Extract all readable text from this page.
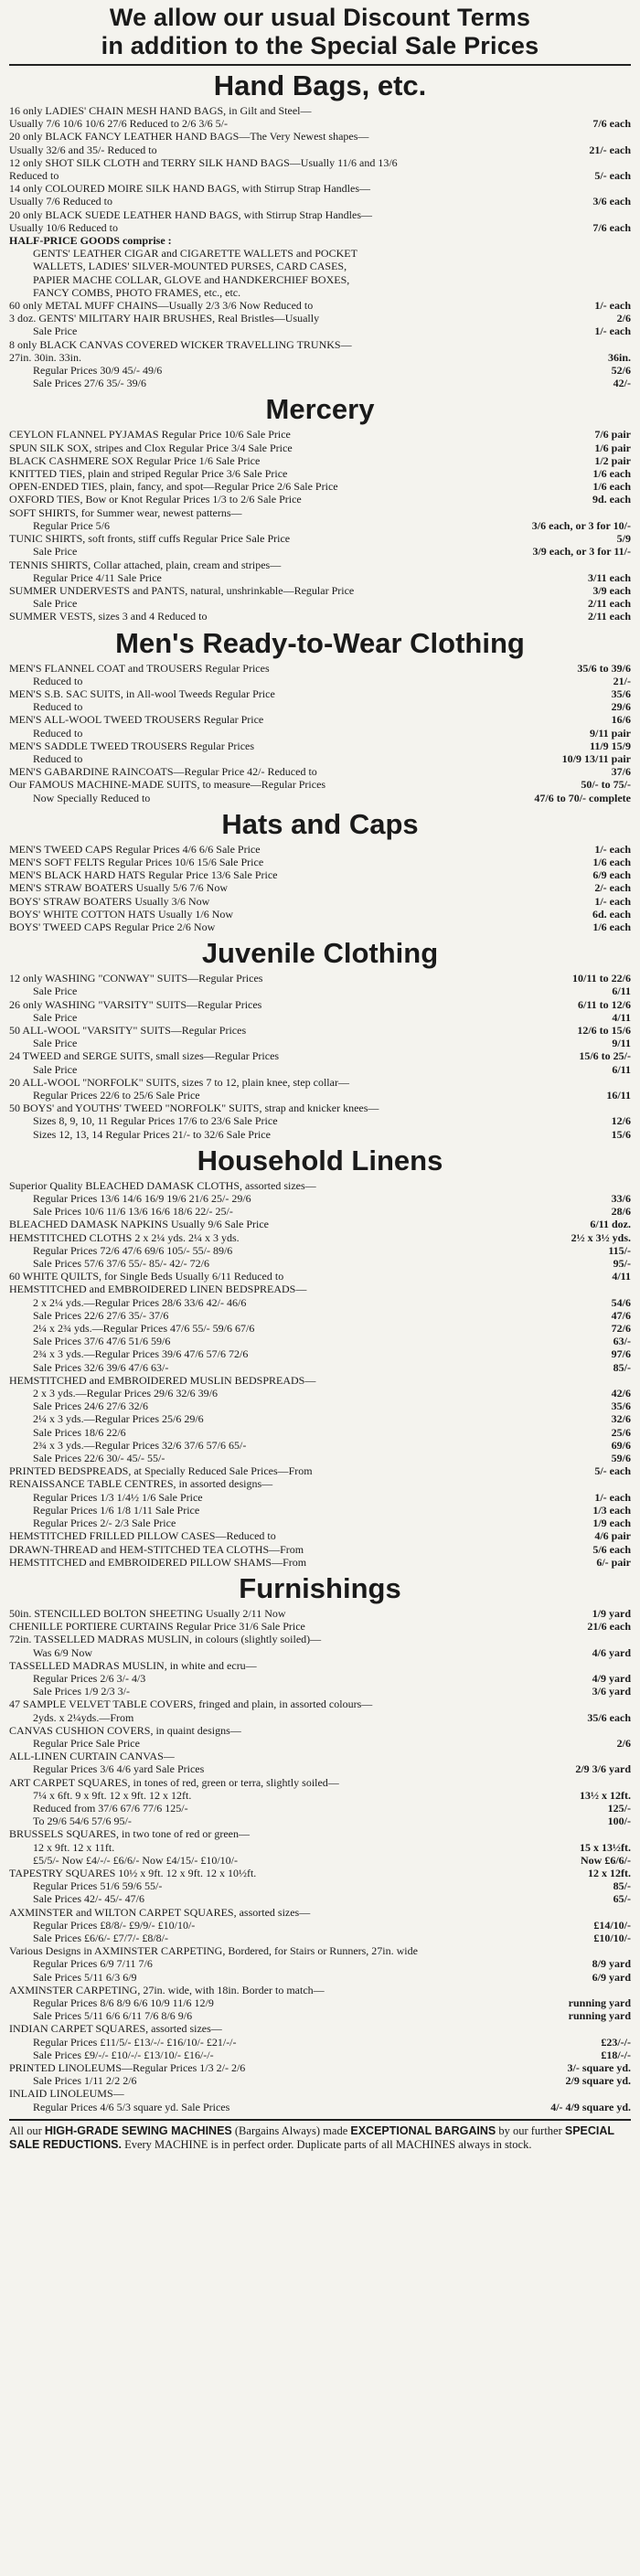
We allow our usual Discount Terms
in addition to the Special Sale Prices
Hand Bags, etc.
16 only LADIES' CHAIN MESH HAND BAGS, in Gilt and Steel—
Usually 7/6 10/6 10/6 27/6 Reduced to 2/6 3/6 5/-	7/6 each
20 only BLACK FANCY LEATHER HAND BAGS—The Very Newest shapes—
Usually 32/6 and 35/- Reduced to	21/- each
12 only SHOT SILK CLOTH and TERRY SILK HAND BAGS—Usually 11/6 and 13/6
Reduced to	5/- each
14 only COLOURED MOIRE SILK HAND BAGS, with Stirrup Strap Handles—
Usually 7/6 Reduced to	3/6 each
20 only BLACK SUEDE LEATHER HAND BAGS, with Stirrup Strap Handles—
Usually 10/6 Reduced to	7/6 each
HALF-PRICE GOODS comprise :
GENTS' LEATHER CIGAR and CIGARETTE WALLETS and POCKET
WALLETS, LADIES' SILVER-MOUNTED PURSES, CARD CASES,
PAPIER MACHE COLLAR, GLOVE and HANDKERCHIEF BOXES,
FANCY COMBS, PHOTO FRAMES, etc., etc.
60 only METAL MUFF CHAINS—Usually 2/3 3/6 Now Reduced to	1/- each
3 doz. GENTS' MILITARY HAIR BRUSHES, Real Bristles—Usually	2/6
Sale Price	1/- each
8 only BLACK CANVAS COVERED WICKER TRAVELLING TRUNKS—
27in. 30in. 33in.	36in.
Regular Prices 30/9 45/- 49/6	52/6
Sale Prices 27/6 35/- 39/6	42/-
Mercery
CEYLON FLANNEL PYJAMAS Regular Price 10/6 Sale Price	7/6 pair
SPUN SILK SOX, stripes and Clox Regular Price 3/4 Sale Price	1/6 pair
BLACK CASHMERE SOX Regular Price 1/6 Sale Price	1/2 pair
KNITTED TIES, plain and striped Regular Price 3/6 Sale Price	1/6 each
OPEN-ENDED TIES, plain, fancy, and spot—Regular Price 2/6 Sale Price	1/6 each
OXFORD TIES, Bow or Knot Regular Prices 1/3 to 2/6 Sale Price	9d. each
SOFT SHIRTS, for Summer wear, newest patterns—
Regular Price 5/6	3/6 each, or 3 for 10/-
TUNIC SHIRTS, soft fronts, stiff cuffs Regular Price Sale Price	5/9
Sale Price	3/9 each, or 3 for 11/-
TENNIS SHIRTS, Collar attached, plain, cream and stripes—
Regular Price 4/11 Sale Price	3/11 each
SUMMER UNDERVESTS and PANTS, natural, unshrinkable—Regular Price	3/9 each
Sale Price	2/11 each
SUMMER VESTS, sizes 3 and 4 Reduced to	2/11 each
Men's Ready-to-Wear Clothing
MEN'S FLANNEL COAT and TROUSERS Regular Prices	35/6 to 39/6
Reduced to	21/-
MEN'S S.B. SAC SUITS, in All-wool Tweeds Regular Price	35/6
Reduced to	29/6
MEN'S ALL-WOOL TWEED TROUSERS Regular Price	16/6
Reduced to	9/11 pair
MEN'S SADDLE TWEED TROUSERS Regular Prices	11/9 15/9
Reduced to	10/9 13/11 pair
MEN'S GABARDINE RAINCOATS—Regular Price 42/- Reduced to	37/6
Our FAMOUS MACHINE-MADE SUITS, to measure—Regular Prices	50/- to 75/-
Now Specially Reduced to	47/6 to 70/- complete
Hats and Caps
MEN'S TWEED CAPS Regular Prices 4/6 6/6 Sale Price	1/- each
MEN'S SOFT FELTS Regular Prices 10/6 15/6 Sale Price	1/6 each
MEN'S BLACK HARD HATS Regular Price 13/6 Sale Price	6/9 each
MEN'S STRAW BOATERS Usually 5/6 7/6 Now	2/- each
BOYS' STRAW BOATERS Usually 3/6 Now	1/- each
BOYS' WHITE COTTON HATS Usually 1/6 Now	6d. each
BOYS' TWEED CAPS Regular Price 2/6 Now	1/6 each
Juvenile Clothing
12 only WASHING "CONWAY" SUITS—Regular Prices	10/11 to 22/6
Sale Price	6/11
26 only WASHING "VARSITY" SUITS—Regular Prices	6/11 to 12/6
Sale Price	4/11
50 ALL-WOOL "VARSITY" SUITS—Regular Prices	12/6 to 15/6
Sale Price	9/11
24 TWEED and SERGE SUITS, small sizes—Regular Prices	15/6 to 25/-
Sale Price	6/11
20 ALL-WOOL "NORFOLK" SUITS, sizes 7 to 12, plain knee, step collar—
Regular Prices 22/6 to 25/6 Sale Price	16/11
50 BOYS' and YOUTHS' TWEED "NORFOLK" SUITS, strap and knicker knees—
Sizes 8, 9, 10, 11 Regular Prices 17/6 to 23/6 Sale Price	12/6
Sizes 12, 13, 14 Regular Prices 21/- to 32/6 Sale Price	15/6
Household Linens
Superior Quality BLEACHED DAMASK CLOTHS, assorted sizes—
Regular Prices 13/6 14/6 16/9 19/6 21/6 25/- 29/6	33/6
Sale Prices 10/6 11/6 13/6 16/6 18/6 22/- 25/-	28/6
BLEACHED DAMASK NAPKINS Usually 9/6 Sale Price	6/11 doz.
HEMSTITCHED CLOTHS 2 x 2¼ yds. 2¼ x 3 yds.	2½ x 3½ yds.
Regular Prices 72/6 47/6 69/6 105/- 55/- 89/6	115/-
Sale Prices 57/6 37/6 55/- 85/- 42/- 72/6	95/-
60 WHITE QUILTS, for Single Beds Usually 6/11 Reduced to	4/11
HEMSTITCHED and EMBROIDERED LINEN BEDSPREADS—
2 x 2¼ yds.—Regular Prices 28/6 33/6 42/- 46/6	54/6
Sale Prices 22/6 27/6 35/- 37/6	47/6
2¼ x 2¾ yds.—Regular Prices 47/6 55/- 59/6 67/6	72/6
Sale Prices 37/6 47/6 51/6 59/6	63/-
2¾ x 3 yds.—Regular Prices 39/6 47/6 57/6 72/6	97/6
Sale Prices 32/6 39/6 47/6 63/-	85/-
HEMSTITCHED and EMBROIDERED MUSLIN BEDSPREADS—
2 x 3 yds.—Regular Prices 29/6 32/6 39/6	42/6
Sale Prices 24/6 27/6 32/6	35/6
2¼ x 3 yds.—Regular Prices 25/6 29/6	32/6
Sale Prices 18/6 22/6	25/6
2¾ x 3 yds.—Regular Prices 32/6 37/6 57/6 65/-	69/6
Sale Prices 22/6 30/- 45/- 55/-	59/6
PRINTED BEDSPREADS, at Specially Reduced Sale Prices—From	5/- each
RENAISSANCE TABLE CENTRES, in assorted designs—
Regular Prices 1/3 1/4½ 1/6 Sale Price	1/- each
Regular Prices 1/6 1/8 1/11 Sale Price	1/3 each
Regular Prices 2/- 2/3 Sale Price	1/9 each
HEMSTITCHED FRILLED PILLOW CASES—Reduced to	4/6 pair
DRAWN-THREAD and HEM-STITCHED TEA CLOTHS—From	5/6 each
HEMSTITCHED and EMBROIDERED PILLOW SHAMS—From	6/- pair
Furnishings
50in. STENCILLED BOLTON SHEETING Usually 2/11 Now	1/9 yard
CHENILLE PORTIERE CURTAINS Regular Price 31/6 Sale Price	21/6 each
72in. TASSELLED MADRAS MUSLIN, in colours (slightly soiled)—
Was 6/9 Now	4/6 yard
TASSELLED MADRAS MUSLIN, in white and ecru—
Regular Prices 2/6 3/- 4/3	4/9 yard
Sale Prices 1/9 2/3 3/-	3/6 yard
47 SAMPLE VELVET TABLE COVERS, fringed and plain, in assorted colours—
2yds. x 2¼yds.—From	35/6 each
CANVAS CUSHION COVERS, in quaint designs—
Regular Price Sale Price	2/6
ALL-LINEN CURTAIN CANVAS—
Regular Prices 3/6 4/6 yard Sale Prices	2/9 3/6 yard
ART CARPET SQUARES, in tones of red, green or terra, slightly soiled—
7¼ x 6ft. 9 x 9ft. 12 x 9ft. 12 x 12ft.	13½ x 12ft.
Reduced from 37/6 67/6 77/6 125/-	125/-
To 29/6 54/6 57/6 95/-	100/-
BRUSSELS SQUARES, in two tone of red or green—
12 x 9ft. 12 x 11ft.	15 x 13½ft.
£5/5/- Now £4/-/- £6/6/- Now £4/15/- £10/10/-	Now £6/6/-
TAPESTRY SQUARES 10½ x 9ft. 12 x 9ft. 12 x 10½ft.	12 x 12ft.
Regular Prices 51/6 59/6 55/-	85/-
Sale Prices 42/- 45/- 47/6	65/-
AXMINSTER and WILTON CARPET SQUARES, assorted sizes—
Regular Prices £8/8/- £9/9/- £10/10/-	£14/10/-
Sale Prices £6/6/- £7/7/- £8/8/-	£10/10/-
Various Designs in AXMINSTER CARPETING, Bordered, for Stairs or Runners, 27in. wide
Regular Prices 6/9 7/11 7/6	8/9 yard
Sale Prices 5/11 6/3 6/9	6/9 yard
AXMINSTER CARPETING, 27in. wide, with 18in. Border to match—
Regular Prices 8/6 8/9 6/6 10/9 11/6 12/9	running yard
Sale Prices 5/11 6/6 6/11 7/6 8/6 9/6	running yard
INDIAN CARPET SQUARES, assorted sizes—
Regular Prices £11/5/- £13/-/- £16/10/- £21/-/-	£23/-/-
Sale Prices £9/-/- £10/-/- £13/10/- £16/-/-	£18/-/-
PRINTED LINOLEUMS—Regular Prices 1/3 2/- 2/6	3/- square yd.
Sale Prices 1/11 2/2 2/6	2/9 square yd.
INLAID LINOLEUMS—
Regular Prices 4/6 5/3 square yd. Sale Prices	4/- 4/9 square yd.
All our HIGH-GRADE SEWING MACHINES (Bargains Always) made EXCEPTIONAL BARGAINS by our further SPECIAL SALE REDUCTIONS. Every MACHINE is in perfect order. Duplicate parts of all MACHINES always in stock.
